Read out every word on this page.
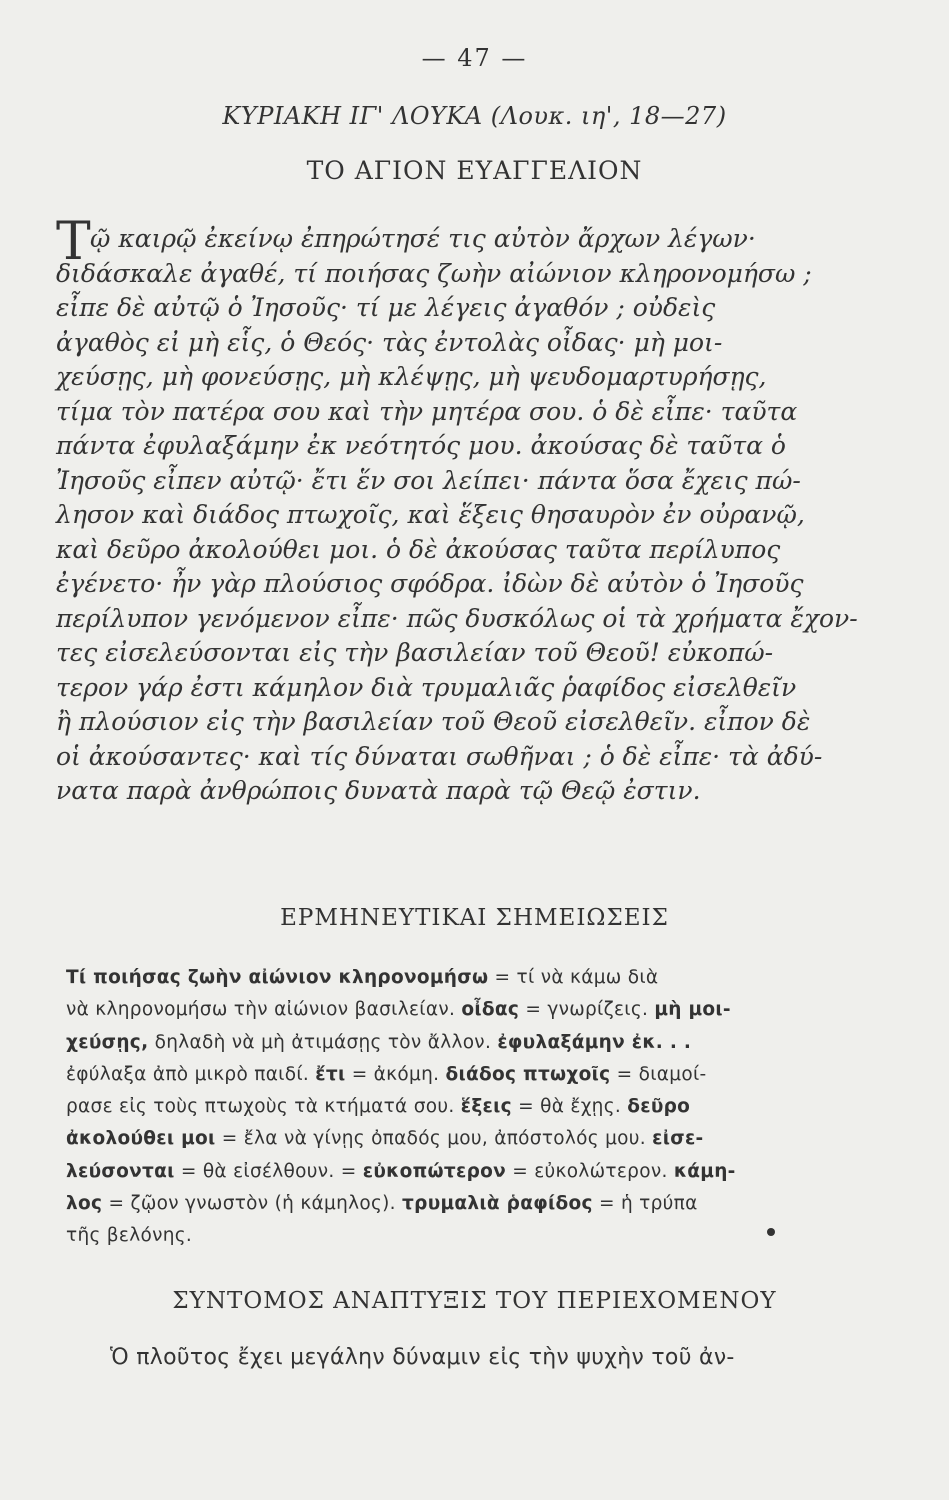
— 47 —
ΚΥΡΙΑΚΗ ΙΓ' ΛΟΥΚΑ (Λουκ. ιη', 18—27)
ΤΟ ΑΓΙΟΝ ΕΥΑΓΓΕΛΙΟΝ
Τ ῷ καιρῷ ἐκείνῳ ἐπηρώτησέ τις αὐτὸν ἄρχων λέγων·
διδάσκαλε ἀγαθέ, τί ποιήσας ζωὴν αἰώνιον κληρονομήσω ;
εἶπε δὲ αὐτῷ ὁ Ἰησοῦς· τί με λέγεις ἀγαθόν ; οὐδεὶς
ἀγαθὸς εἰ μὴ εἷς, ὁ Θεός· τὰς ἐντολὰς οἶδας· μὴ μοι-
χεύσῃς, μὴ φονεύσῃς, μὴ κλέψῃς, μὴ ψευδομαρτυρήσῃς,
τίμα τὸν πατέρα σου καὶ τὴν μητέρα σου. ὁ δὲ εἶπε· ταῦτα
πάντα ἐφυλαξάμην ἐκ νεότητός μου. ἀκούσας δὲ ταῦτα ὁ
Ἰησοῦς εἶπεν αὐτῷ· ἔτι ἕν σοι λείπει· πάντα ὅσα ἔχεις πώ-
λησον καὶ διάδος πτωχοῖς, καὶ ἕξεις θησαυρὸν ἐν οὐρανῷ,
καὶ δεῦρο ἀκολούθει μοι. ὁ δὲ ἀκούσας ταῦτα περίλυπος
ἐγένετο· ἦν γὰρ πλούσιος σφόδρα. ἰδὼν δὲ αὐτὸν ὁ Ἰησοῦς
περίλυπον γενόμενον εἶπε· πῶς δυσκόλως οἱ τὰ χρήματα ἔχον-
τες εἰσελεύσονται εἰς τὴν βασιλείαν τοῦ Θεοῦ! εὐκοπώ-
τερον γάρ ἐστι κάμηλον διὰ τρυμαλιᾶς ῥαφίδος εἰσελθεῖν
ἢ πλούσιον εἰς τὴν βασιλείαν τοῦ Θεοῦ εἰσελθεῖν. εἶπον δὲ
οἱ ἀκούσαντες· καὶ τίς δύναται σωθῆναι ; ὁ δὲ εἶπε· τὰ ἀδύ-
νατα παρὰ ἀνθρώποις δυνατὰ παρὰ τῷ Θεῷ ἐστιν.
ΕΡΜΗΝΕΥΤΙΚΑΙ ΣΗΜΕΙΩΣΕΙΣ
Τί ποιήσας ζωὴν αἰώνιον κληρονομήσω = τί νὰ κάμω διὰ
νὰ κληρονομήσω τὴν αἰώνιον βασιλείαν. οἶδας = γνωρίζεις. μὴ μοι-
χεύσῃς, δηλαδὴ νὰ μὴ ἀτιμάσῃς τὸν ἄλλον. ἐφυλαξάμην ἐκ. . .
ἐφύλαξα ἀπὸ μικρὸ παιδί. ἔτι = ἀκόμη. διάδος πτωχοῖς = διαμοί-
ρασε εἰς τοὺς πτωχοὺς τὰ κτήματά σου. ἕξεις = θὰ ἔχῃς. δεῦρο
ἀκολούθει μοι = ἔλα νὰ γίνῃς ὀπαδός μου, ἀπόστολός μου. εἰσε-
λεύσονται = θὰ εἰσέλθουν. = εὐκοπώτερον = εὐκολώτερον. κάμη-
λος = ζῷον γνωστὸν (ἡ κάμηλος). τρυμαλιὰ ῥαφίδος = ἡ τρύπα
τῆς βελόνης.
ΣΥΝΤΟΜΟΣ ΑΝΑΠΤΥΞΙΣ ΤΟΥ ΠΕΡΙΕΧΟΜΕΝΟΥ
Ὁ πλοῦτος ἔχει μεγάλην δύναμιν εἰς τὴν ψυχὴν τοῦ ἀν-
